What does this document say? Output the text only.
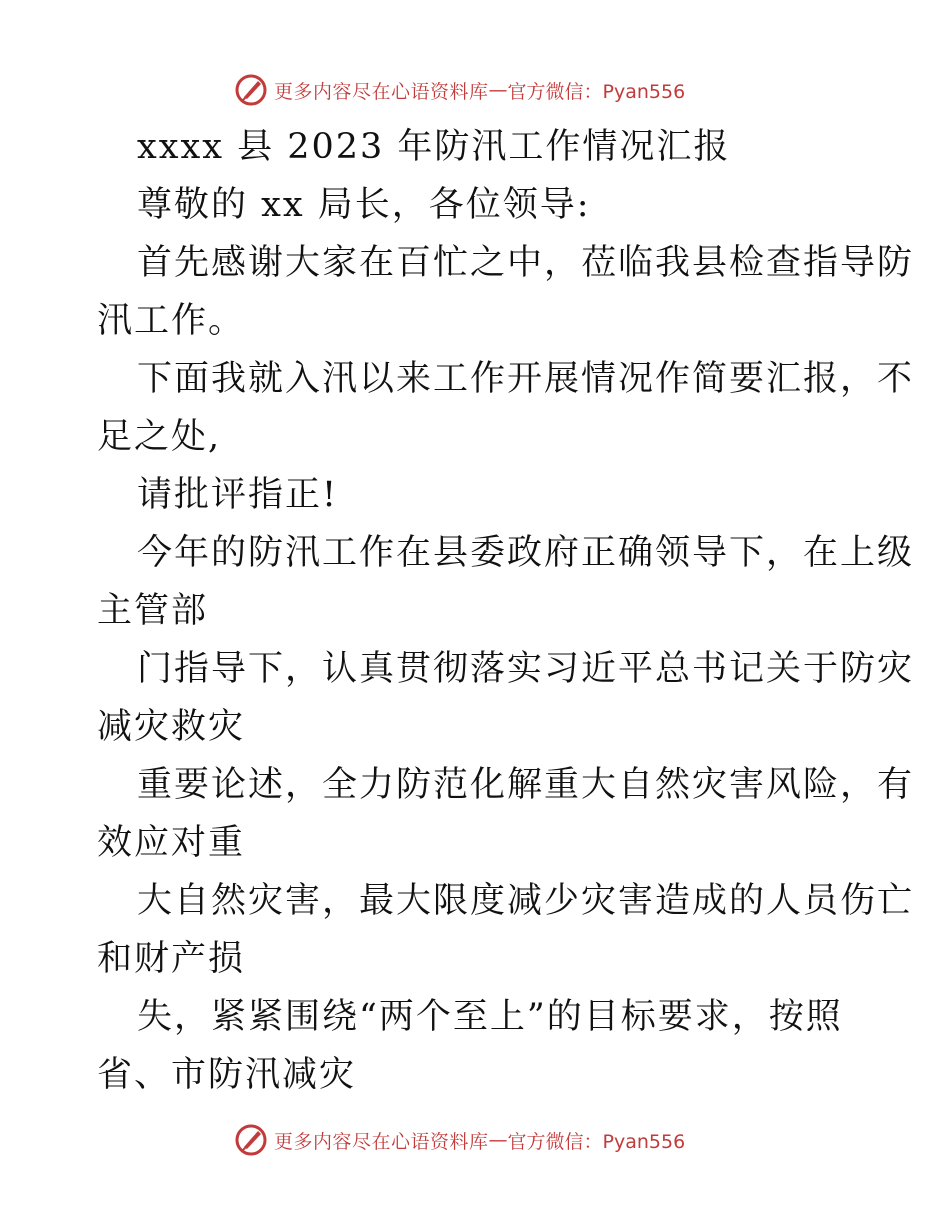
更多内容尽在心语资料库 — 官方微信：Pyan556
xxxx 县 2023 年防汛工作情况汇报
尊敬的 xx 局长，各位领导:
首先感谢大家在百忙之中，莅临我县检查指导防
汛工作。
下面我就入汛以来工作开展情况作简要汇报，不
足之处,
请批评指正!
今年的防汛工作在县委政府正确领导下，在上级
主管部
门指导下，认真贯彻落实习近平总书记关于防灾
减灾救灾
重要论述，全力防范化解重大自然灾害风险，有
效应对重
大自然灾害，最大限度减少灾害造成的人员伤亡
和财产损
失，紧紧围绕“两个至上”的目标要求，按照
省、市防汛减灾
更多内容尽在心语资料库 — 官方微信：Pyan556
